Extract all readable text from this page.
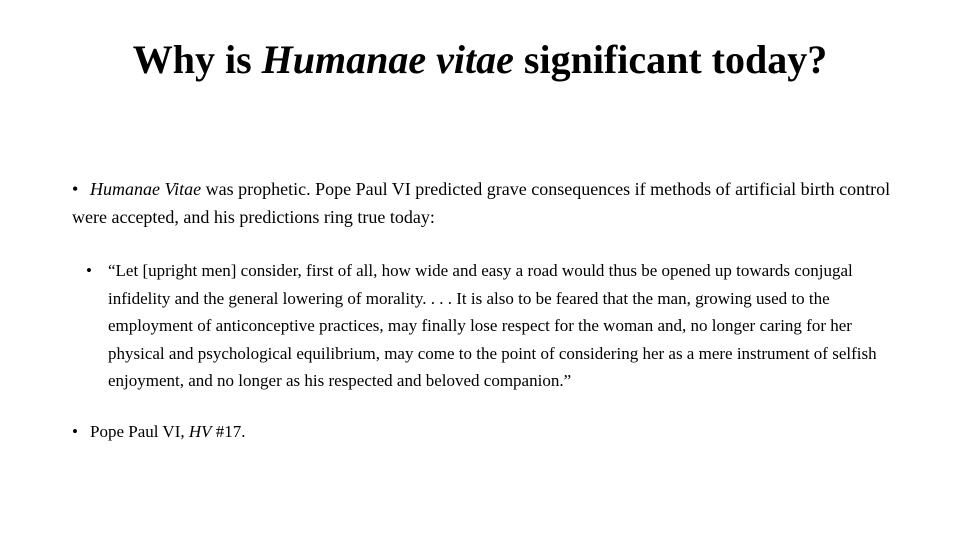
Why is Humanae vitae significant today?
• Humanae Vitae was prophetic. Pope Paul VI predicted grave consequences if methods of artificial birth control were accepted, and his predictions ring true today:
• “Let [upright men] consider, first of all, how wide and easy a road would thus be opened up towards conjugal infidelity and the general lowering of morality. . . . It is also to be feared that the man, growing used to the employment of anticonceptive practices, may finally lose respect for the woman and, no longer caring for her physical and psychological equilibrium, may come to the point of considering her as a mere instrument of selfish enjoyment, and no longer as his respected and beloved companion.”
• Pope Paul VI, HV #17.
